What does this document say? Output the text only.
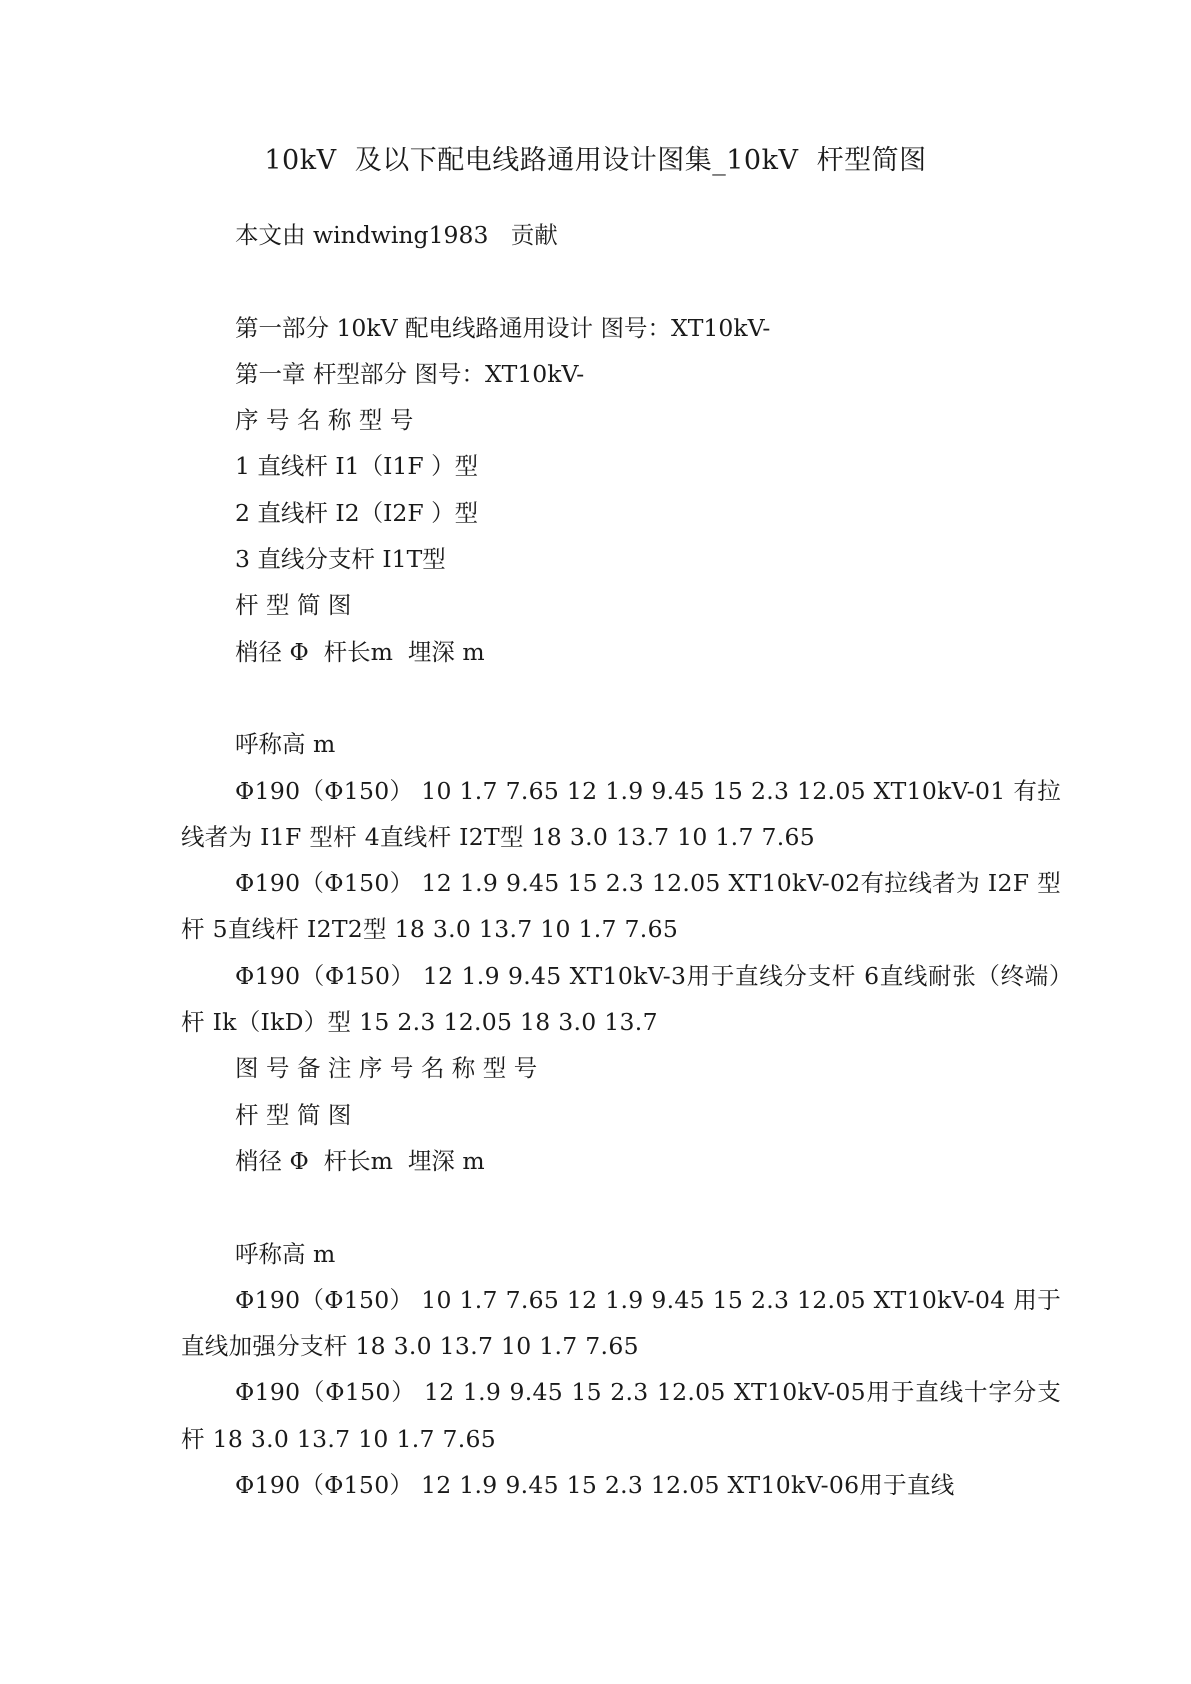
10kV  及以下配电线路通用设计图集_10kV  杆型简图

本文由 windwing1983   贡献

第一部分 10kV 配电线路通用设计 图号：XT10kV-

第一章 杆型部分 图号：XT10kV-

序 号 名 称 型 号

1 直线杆 I1（I1F ）型

2 直线杆 I2（I2F ）型

3 直线分支杆 I1T型

杆 型 简 图

梢径 Φ  杆长m  埋深 m

呼称高 m

Φ190（Φ150） 10 1.7 7.65 12 1.9 9.45 15 2.3 12.05 XT10kV-01 有拉线者为 I1F 型杆 4直线杆 I2T型 18 3.0 13.7 10 1.7 7.65

Φ190（Φ150） 12 1.9 9.45 15 2.3 12.05 XT10kV-02有拉线者为 I2F 型杆 5直线杆 I2T2型 18 3.0 13.7 10 1.7 7.65

Φ190（Φ150） 12 1.9 9.45 XT10kV-3用于直线分支杆 6直线耐张（终端）杆 Ik（IkD）型 15 2.3 12.05 18 3.0 13.7

图 号 备 注 序 号 名 称 型 号

杆 型 简 图

梢径 Φ  杆长m  埋深 m

呼称高 m

Φ190（Φ150） 10 1.7 7.65 12 1.9 9.45 15 2.3 12.05 XT10kV-04 用于直线加强分支杆 18 3.0 13.7 10 1.7 7.65

Φ190（Φ150） 12 1.9 9.45 15 2.3 12.05 XT10kV-05用于直线十字分支杆 18 3.0 13.7 10 1.7 7.65

Φ190（Φ150） 12 1.9 9.45 15 2.3 12.05 XT10kV-06用于直线
